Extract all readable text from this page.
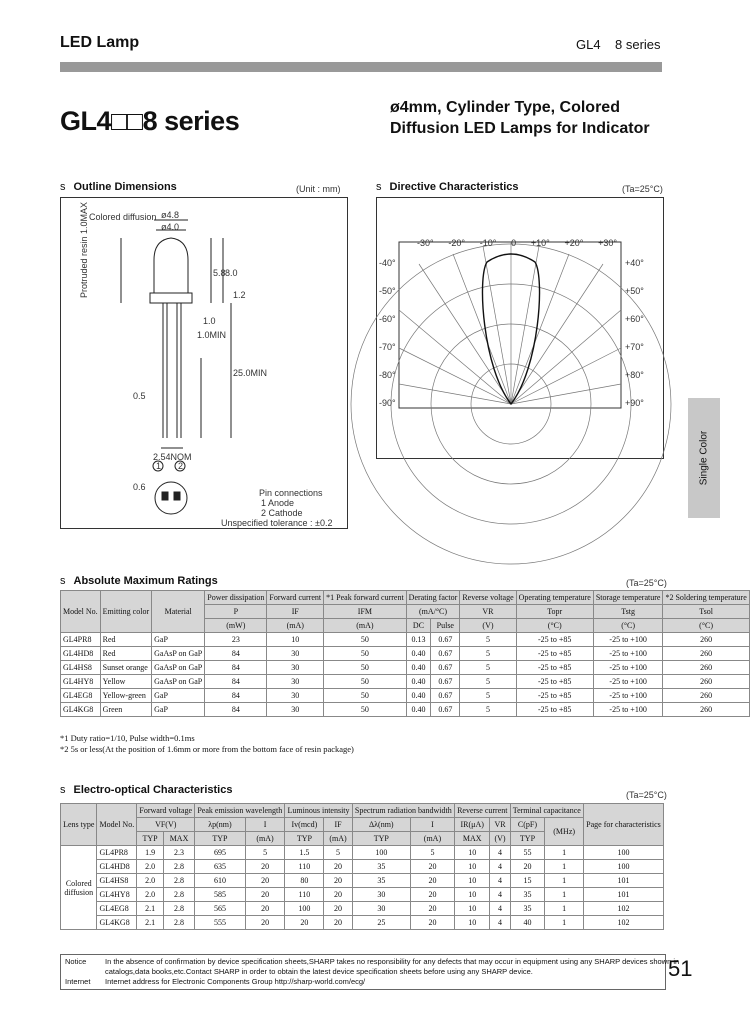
LED Lamp	GL4    8 series
GL4□□8 series	ø4mm, Cylinder Type, Colored
Diffusion LED Lamps for Indicator
s Outline Dimensions	(Unit : mm)
Colored diffusion ø4.8
ø4.0
Protruded resin 1.0MAX	5.8 8.0
1.2
1.0
1.0MIN
25.0MIN
0.5
2.54NOM
0.6
1 2
Pin connections
1 Anode
2 Cathode
Unspecified tolerance : ±0.2
s Directive Characteristics	(Ta=25°C)
-30° -20° -10° 0 +10° +20° +30°
-40°
-50°
-60°
-70°
-80°
-90°
+40°
+50°
+60°
+70°
+80°
+90°
Single Color
s Absolute Maximum Ratings	(Ta=25°C)
Model No.	Emitting color	Material	Power dissipation	Forward current	*1 Peak forward current	Derating factor		Reverse voltage	Operating temperature	Storage temperature	*2 Soldering temperature
			P	IF	IFM	(mA/°C)		VR	Topr	Tstg	Tsol
			(mW)	(mA)	(mA)	DC	Pulse	(V)	(°C)	(°C)	(°C)
GL4PR8	Red	GaP	23	10	50	0.13	0.67	5	-25 to +85	-25 to +100	260
GL4HD8	Red	GaAsP on GaP	84	30	50	0.40	0.67	5	-25 to +85	-25 to +100	260
GL4HS8	Sunset orange	GaAsP on GaP	84	30	50	0.40	0.67	5	-25 to +85	-25 to +100	260
GL4HY8	Yellow	GaAsP on GaP	84	30	50	0.40	0.67	5	-25 to +85	-25 to +100	260
GL4EG8	Yellow-green	GaP	84	30	50	0.40	0.67	5	-25 to +85	-25 to +100	260
GL4KG8	Green	GaP	84	30	50	0.40	0.67	5	-25 to +85	-25 to +100	260
*1 Duty ratio=1/10, Pulse width=0.1ms
*2 5s or less(At the position of 1.6mm or more from the bottom face of resin package)
s Electro-optical Characteristics	(Ta=25°C)
Lens type	Model No.	Forward voltage		Peak emission wavelength		Luminous intensity		Spectrum radiation bandwidth		Reverse current		Terminal capacitance		Page for characteristics
		VF(V)		λp(nm)	I	Iv(mcd)	IF	Δλ(nm)	I	IR(μA)	VR	C(pF)	(MHz)	
		TYP	MAX	TYP	(mA)	TYP	(mA)	TYP	(mA)	MAX	(V)	TYP		

Colored
diffusion	GL4PR8	1.9	2.3	695	5	1.5	5	100	5	10	4	55	1	100
	GL4HD8	2.0	2.8	635	20	110	20	35	20	10	4	20	1	100
	GL4HS8	2.0	2.8	610	20	80	20	35	20	10	4	15	1	101
	GL4HY8	2.0	2.8	585	20	110	20	30	20	10	4	35	1	101
	GL4EG8	2.1	2.8	565	20	100	20	30	20	10	4	35	1	102
	GL4KG8	2.1	2.8	555	20	20	20	25	20	10	4	40	1	102
Notice In the absence of confirmation by device specification sheets,SHARP takes no responsibility for any defects that may occur in equipment using any SHARP devices shown in
catalogs,data books,etc.Contact SHARP in order to obtain the latest device specification sheets before using any SHARP device.
Internet Internet address for Electronic Components Group http://sharp-world.com/ecg/
51
